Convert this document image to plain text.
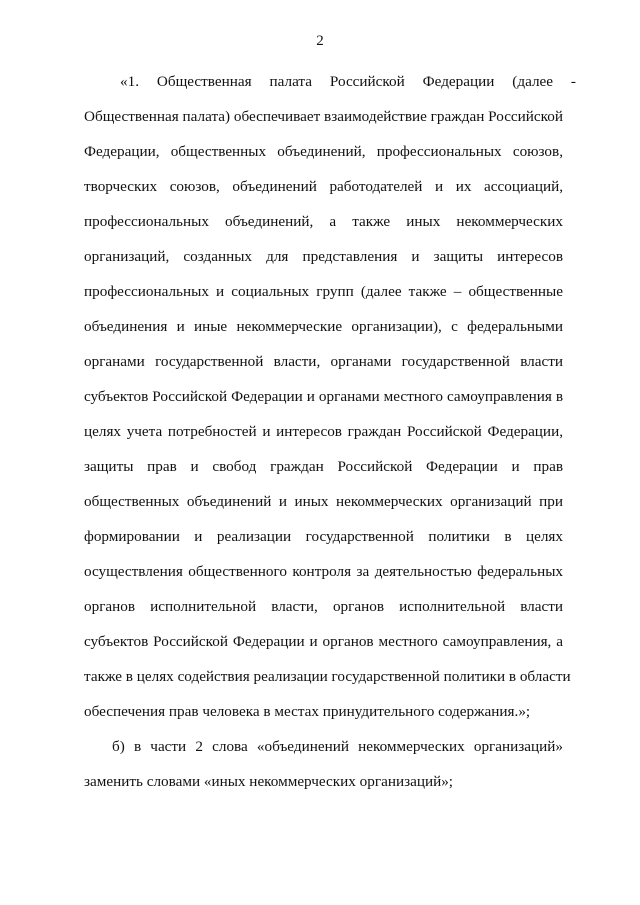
2
«1. Общественная палата Российской Федерации (далее -
Общественная палата) обеспечивает взаимодействие граждан Российской
Федерации, общественных объединений, профессиональных союзов,
творческих союзов, объединений работодателей и их ассоциаций,
профессиональных объединений, а также иных некоммерческих
организаций, созданных для представления и защиты интересов
профессиональных и социальных групп (далее также – общественные
объединения и иные некоммерческие организации), с федеральными
органами государственной власти, органами государственной власти
субъектов Российской Федерации и органами местного самоуправления в
целях учета потребностей и интересов граждан Российской Федерации,
защиты прав и свобод граждан Российской Федерации и прав
общественных объединений и иных некоммерческих организаций при
формировании и реализации государственной политики в целях
осуществления общественного контроля за деятельностью федеральных
органов исполнительной власти, органов исполнительной власти
субъектов Российской Федерации и органов местного самоуправления, а
также в целях содействия реализации государственной политики в области
обеспечения прав человека в местах принудительного содержания.»;
б) в части 2 слова «объединений некоммерческих организаций»
заменить словами «иных некоммерческих организаций»;
